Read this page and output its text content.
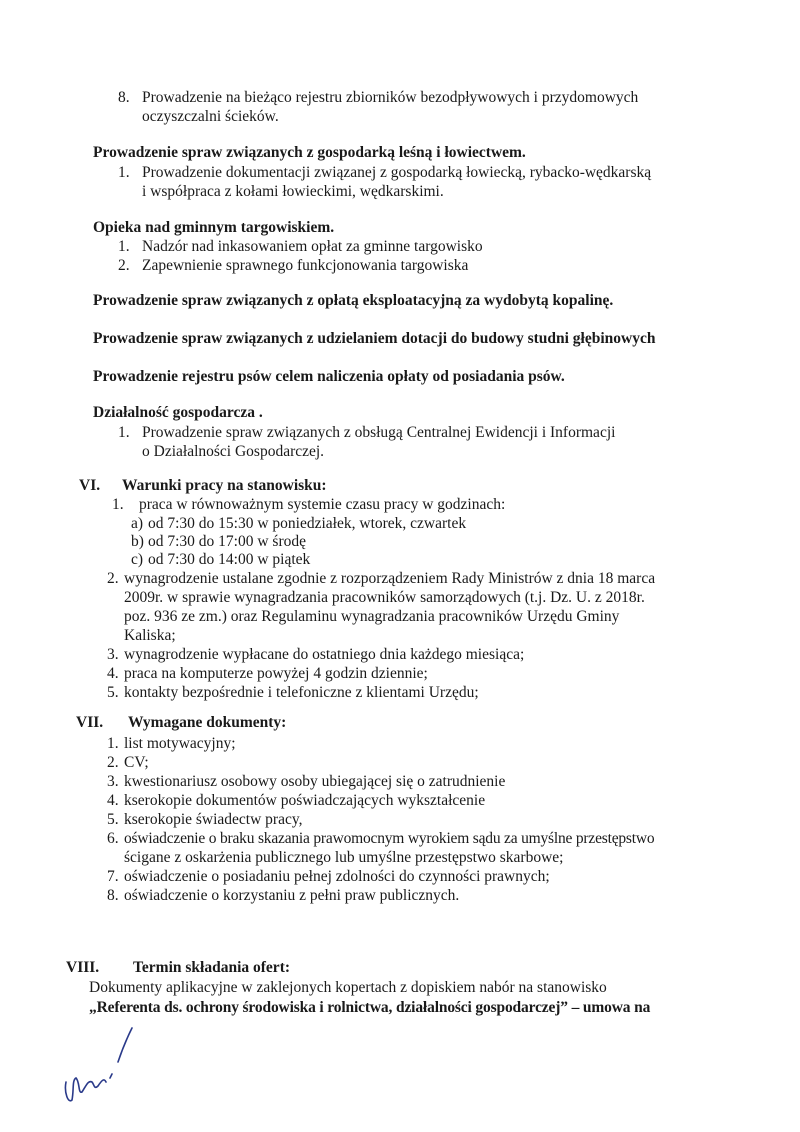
8. Prowadzenie na bieżąco rejestru zbiorników bezodpływowych i przydomowych
oczyszczalni ścieków.
Prowadzenie spraw związanych z gospodarką leśną i łowiectwem.
1. Prowadzenie dokumentacji związanej z gospodarką łowiecką, rybacko-wędkarską
i współpraca z kołami łowieckimi, wędkarskimi.
Opieka nad gminnym targowiskiem.
1. Nadzór nad inkasowaniem opłat za gminne targowisko
2. Zapewnienie sprawnego funkcjonowania targowiska
Prowadzenie spraw związanych z opłatą eksploatacyjną za wydobytą kopalinę.
Prowadzenie spraw związanych z udzielaniem dotacji do budowy studni głębinowych
Prowadzenie rejestru psów celem naliczenia opłaty od posiadania psów.
Działalność gospodarcza .
1. Prowadzenie spraw związanych z obsługą Centralnej Ewidencji i Informacji
o Działalności Gospodarczej.
VI. Warunki pracy na stanowisku:
1. praca w równoważnym systemie czasu pracy w godzinach:
a) od 7:30 do 15:30 w poniedziałek, wtorek, czwartek
b) od 7:30 do 17:00 w środę
c) od 7:30 do 14:00 w piątek
2. wynagrodzenie ustalane zgodnie z rozporządzeniem Rady Ministrów z dnia 18 marca
2009r. w sprawie wynagradzania pracowników samorządowych (t.j. Dz. U. z 2018r.
poz. 936 ze zm.) oraz Regulaminu wynagradzania pracowników Urzędu Gminy
Kaliska;
3. wynagrodzenie wypłacane do ostatniego dnia każdego miesiąca;
4. praca na komputerze powyżej 4 godzin dziennie;
5. kontakty bezpośrednie i telefoniczne z klientami Urzędu;
VII. Wymagane dokumenty:
1. list motywacyjny;
2. CV;
3. kwestionariusz osobowy osoby ubiegającej się o zatrudnienie
4. kserokopie dokumentów poświadczających wykształcenie
5. kserokopie świadectw pracy,
6. oświadczenie o braku skazania prawomocnym wyrokiem sądu za umyślne przestępstwo
ścigane z oskarżenia publicznego lub umyślne przestępstwo skarbowe;
7. oświadczenie o posiadaniu pełnej zdolności do czynności prawnych;
8. oświadczenie o korzystaniu z pełni praw publicznych.
VIII. Termin składania ofert:
Dokumenty aplikacyjne w zaklejonych kopertach z dopiskiem nabór na stanowisko
„Referenta ds. ochrony środowiska i rolnictwa, działalności gospodarczej” – umowa na
